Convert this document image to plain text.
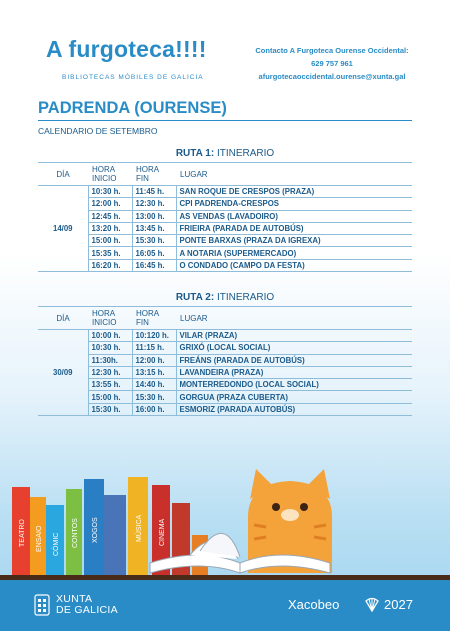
A furgoteca!!!!
BIBLIOTECAS MÓBILES DE GALICIA
Contacto A Furgoteca Ourense Occidental:
629 757 961
afurgotecaoccidental.ourense@xunta.gal
PADRENDA (OURENSE)
CALENDARIO DE SETEMBRO
RUTA 1: ITINERARIO
DÍA	HORA INICIO	HORA FIN	LUGAR
14/09	10:30 h.	11:45 h.	SAN ROQUE DE CRESPOS (PRAZA)
	12:00 h.	12:30 h.	CPI PADRENDA-CRESPOS
	12:45 h.	13:00 h.	AS VENDAS (LAVADOIRO)
	13:20 h.	13:45 h.	FRIEIRA (PARADA DE AUTOBÚS)
	15:00 h.	15:30 h.	PONTE BARXAS (PRAZA DA IGREXA)
	15:35 h.	16:05 h.	A NOTARIA (SUPERMERCADO)
	16:20 h.	16:45 h.	O CONDADO (CAMPO DA FESTA)
RUTA 2: ITINERARIO
DÍA	HORA INICIO	HORA FIN	LUGAR
30/09	10:00 h.	10:120 h.	VILAR (PRAZA)
	10:30 h.	11:15 h.	GRIXÓ (LOCAL SOCIAL)
	11:30h.	12:00 h.	FREÁNS (PARADA DE AUTOBÚS)
	12:30 h.	13:15 h.	LAVANDEIRA (PRAZA)
	13:55 h.	14:40 h.	MONTERREDONDO (LOCAL SOCIAL)
	15:00 h.	15:30 h.	GORGUA (PRAZA CUBERTA)
	15:30 h.	16:00 h.	ESMORIZ (PARADA AUTOBÚS)
TEATRO ENSAIO CÓMIC CONTOS XOGOS	MÚSICA CINEMA
XUNTA
DE GALICIA	Xacobeo	2027
